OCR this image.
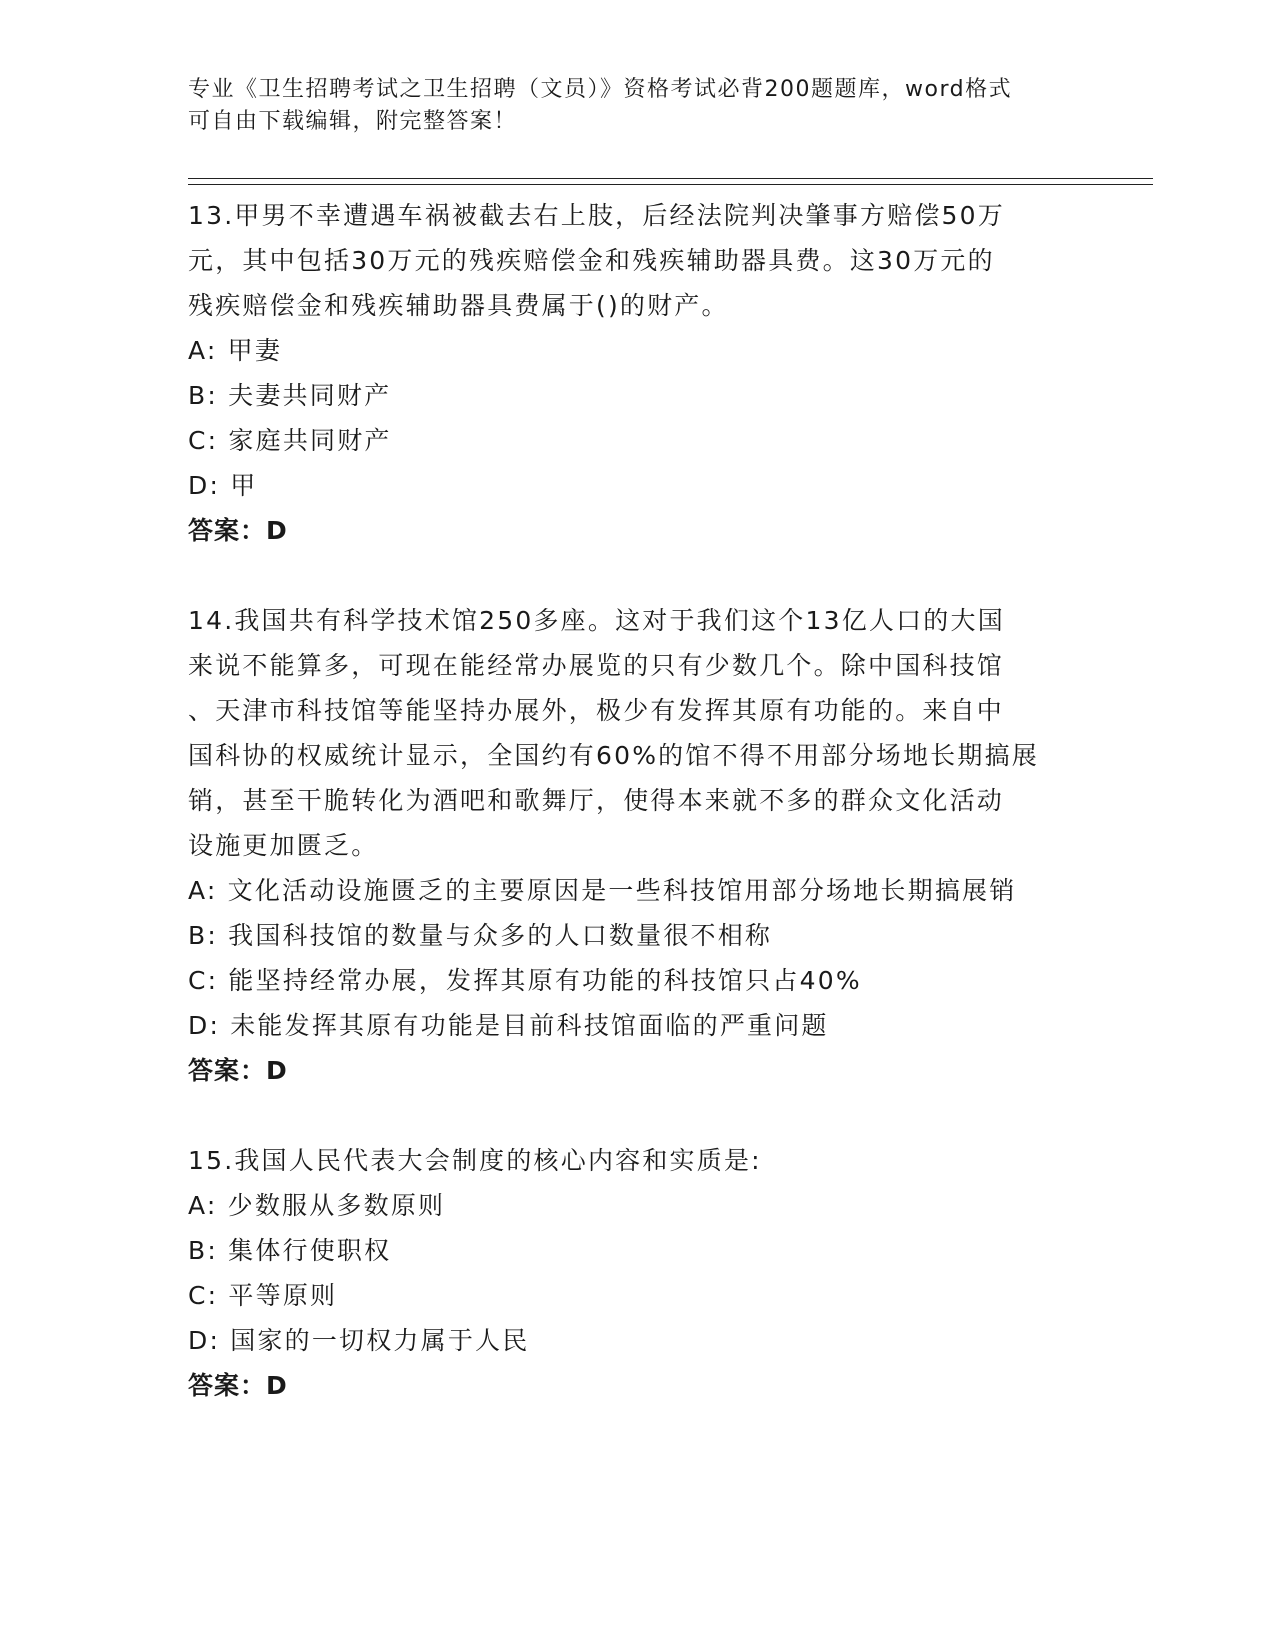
专业《卫生招聘考试之卫生招聘（文员）》资格考试必背200题题库，word格式
可自由下载编辑，附完整答案！
13.甲男不幸遭遇车祸被截去右上肢，后经法院判决肇事方赔偿50万
元，其中包括30万元的残疾赔偿金和残疾辅助器具费。这30万元的
残疾赔偿金和残疾辅助器具费属于()的财产。
A: 甲妻
B: 夫妻共同财产
C: 家庭共同财产
D: 甲
答案：D
14.我国共有科学技术馆250多座。这对于我们这个13亿人口的大国
来说不能算多，可现在能经常办展览的只有少数几个。除中国科技馆
、天津市科技馆等能坚持办展外，极少有发挥其原有功能的。来自中
国科协的权威统计显示，全国约有60%的馆不得不用部分场地长期搞展
销，甚至干脆转化为酒吧和歌舞厅，使得本来就不多的群众文化活动
设施更加匮乏。
A: 文化活动设施匮乏的主要原因是一些科技馆用部分场地长期搞展销
B: 我国科技馆的数量与众多的人口数量很不相称
C: 能坚持经常办展，发挥其原有功能的科技馆只占40%
D: 未能发挥其原有功能是目前科技馆面临的严重问题
答案：D
15.我国人民代表大会制度的核心内容和实质是:
A: 少数服从多数原则
B: 集体行使职权
C: 平等原则
D: 国家的一切权力属于人民
答案：D
